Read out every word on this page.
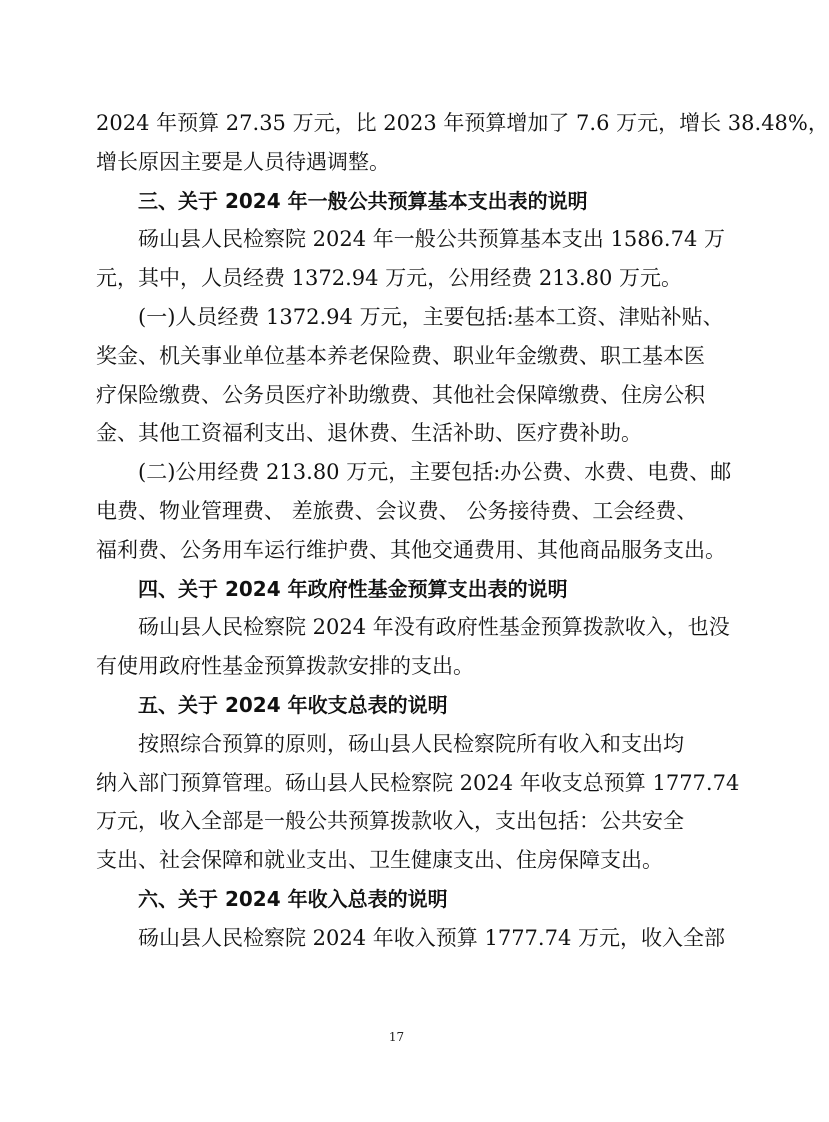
2024 年预算 27.35 万元，比 2023 年预算增加了 7.6 万元，增长 38.48%，
增长原因主要是人员待遇调整。
三、关于 2024 年一般公共预算基本支出表的说明
砀山县人民检察院 2024 年一般公共预算基本支出 1586.74 万
元，其中，人员经费 1372.94 万元，公用经费 213.80 万元。
(一)人员经费 1372.94 万元，主要包括:基本工资、津贴补贴、
奖金、机关事业单位基本养老保险费、职业年金缴费、职工基本医
疗保险缴费、公务员医疗补助缴费、其他社会保障缴费、住房公积
金、其他工资福利支出、退休费、生活补助、医疗费补助。
(二)公用经费 213.80 万元，主要包括:办公费、水费、电费、邮
电费、物业管理费、 差旅费、会议费、 公务接待费、工会经费、
福利费、公务用车运行维护费、其他交通费用、其他商品服务支出。
四、关于 2024 年政府性基金预算支出表的说明
砀山县人民检察院 2024 年没有政府性基金预算拨款收入，也没
有使用政府性基金预算拨款安排的支出。
五、关于 2024 年收支总表的说明
按照综合预算的原则，砀山县人民检察院所有收入和支出均
纳入部门预算管理。砀山县人民检察院 2024 年收支总预算 1777.74
万元，收入全部是一般公共预算拨款收入，支出包括：公共安全
支出、社会保障和就业支出、卫生健康支出、住房保障支出。
六、关于 2024 年收入总表的说明
砀山县人民检察院 2024 年收入预算 1777.74 万元，收入全部
17
